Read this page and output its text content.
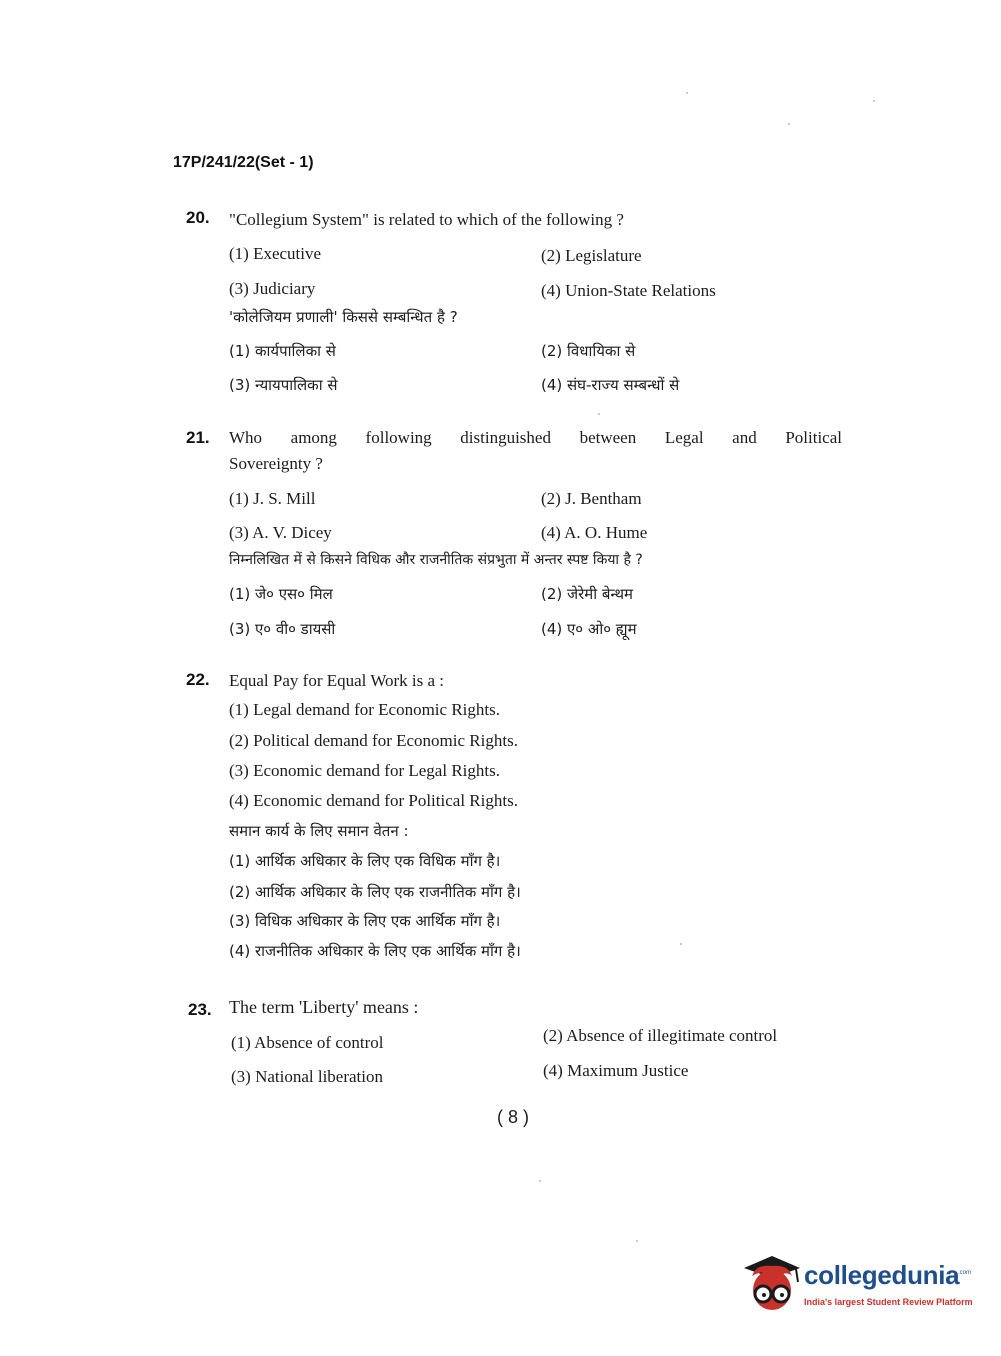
17P/241/22(Set - 1)
20. "Collegium System" is related to which of the following ?
(1) Executive	(2) Legislature
(3) Judiciary	(4) Union-State Relations
'कोलेजियम प्रणाली' किससे सम्बन्धित है ?
(1) कार्यपालिका से	(2) विधायिका से
(3) न्यायपालिका से	(4) संघ-राज्य सम्बन्धों से
21. Who among following distinguished between Legal and Political
Sovereignty ?
(1) J. S. Mill	(2) J. Bentham
(3) A. V. Dicey	(4) A. O. Hume
निम्नलिखित में से किसने विधिक और राजनीतिक संप्रभुता में अन्तर स्पष्ट किया है ?
(1) जे० एस० मिल	(2) जेरेमी बेन्थम
(3) ए० वी० डायसी	(4) ए० ओ० ह्यूम
22. Equal Pay for Equal Work is a :
(1) Legal demand for Economic Rights.
(2) Political demand for Economic Rights.
(3) Economic demand for Legal Rights.
(4) Economic demand for Political Rights.
समान कार्य के लिए समान वेतन :
(1) आर्थिक अधिकार के लिए एक विधिक माँग है।
(2) आर्थिक अधिकार के लिए एक राजनीतिक माँग है।
(3) विधिक अधिकार के लिए एक आर्थिक माँग है।
(4) राजनीतिक अधिकार के लिए एक आर्थिक माँग है।
23. The term 'Liberty' means :
(1) Absence of control	(2) Absence of illegitimate control
(3) National liberation	(4) Maximum Justice
( 8 )
collegedunia
.com
India's largest Student Review Platform
